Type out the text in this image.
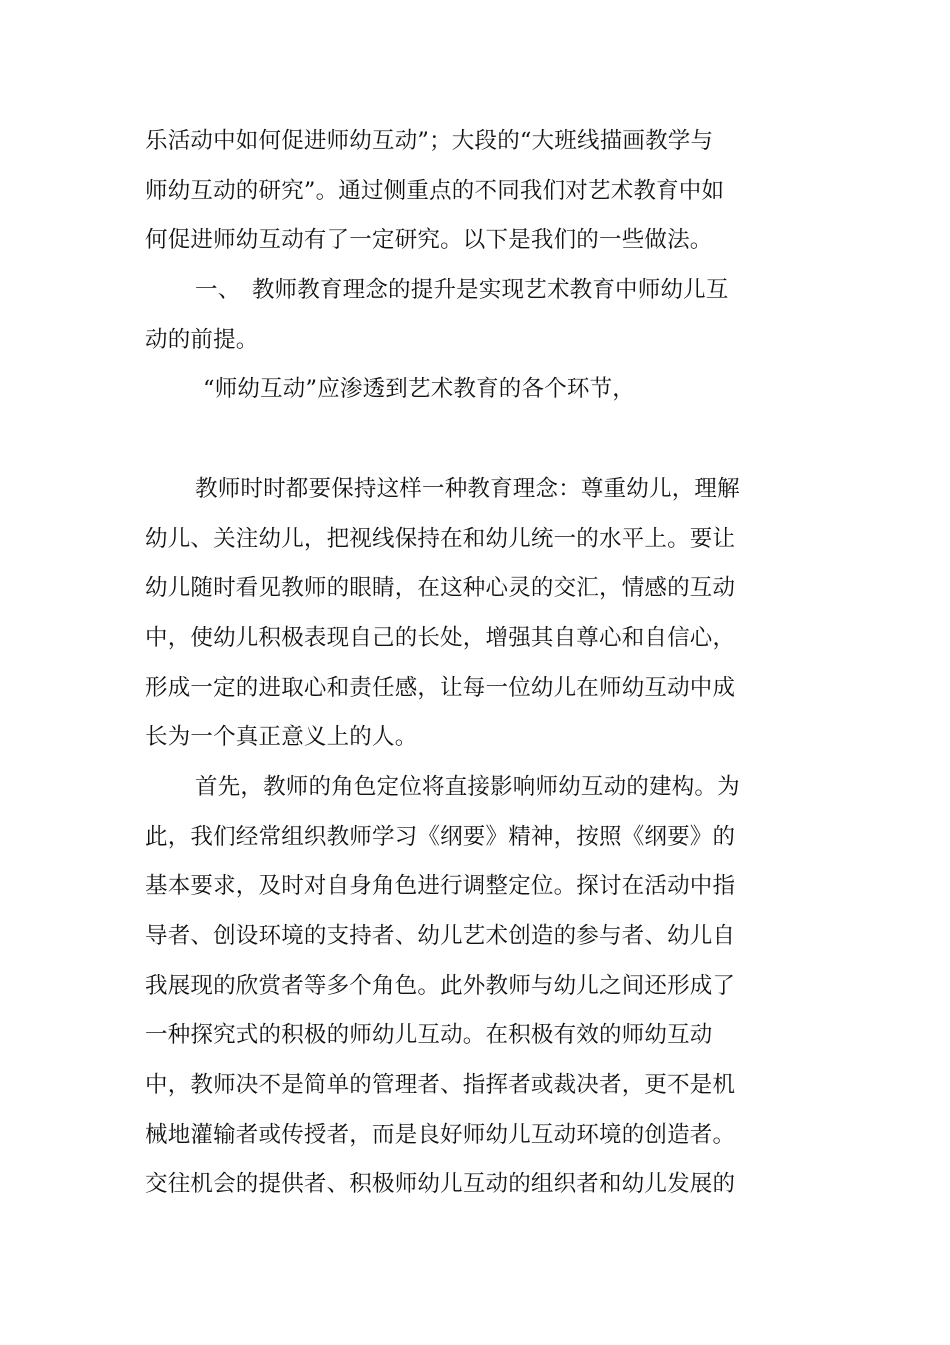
乐活动中如何促进师幼互动”；大段的“大班线描画教学与
师幼互动的研究”。通过侧重点的不同我们对艺术教育中如
何促进师幼互动有了一定研究。以下是我们的一些做法。
一、　教师教育理念的提升是实现艺术教育中师幼儿互
动的前提。
“师幼互动”应渗透到艺术教育的各个环节，
教师时时都要保持这样一种教育理念：尊重幼儿，理解
幼儿、关注幼儿，把视线保持在和幼儿统一的水平上。要让
幼儿随时看见教师的眼睛，在这种心灵的交汇，情感的互动
中，使幼儿积极表现自己的长处，增强其自尊心和自信心，
形成一定的进取心和责任感，让每一位幼儿在师幼互动中成
长为一个真正意义上的人。
首先，教师的角色定位将直接影响师幼互动的建构。为
此，我们经常组织教师学习《纲要》精神，按照《纲要》的
基本要求，及时对自身角色进行调整定位。探讨在活动中指
导者、创设环境的支持者、幼儿艺术创造的参与者、幼儿自
我展现的欣赏者等多个角色。此外教师与幼儿之间还形成了
一种探究式的积极的师幼儿互动。在积极有效的师幼互动
中，教师决不是简单的管理者、指挥者或裁决者，更不是机
械地灌输者或传授者，而是良好师幼儿互动环境的创造者。
交往机会的提供者、积极师幼儿互动的组织者和幼儿发展的
